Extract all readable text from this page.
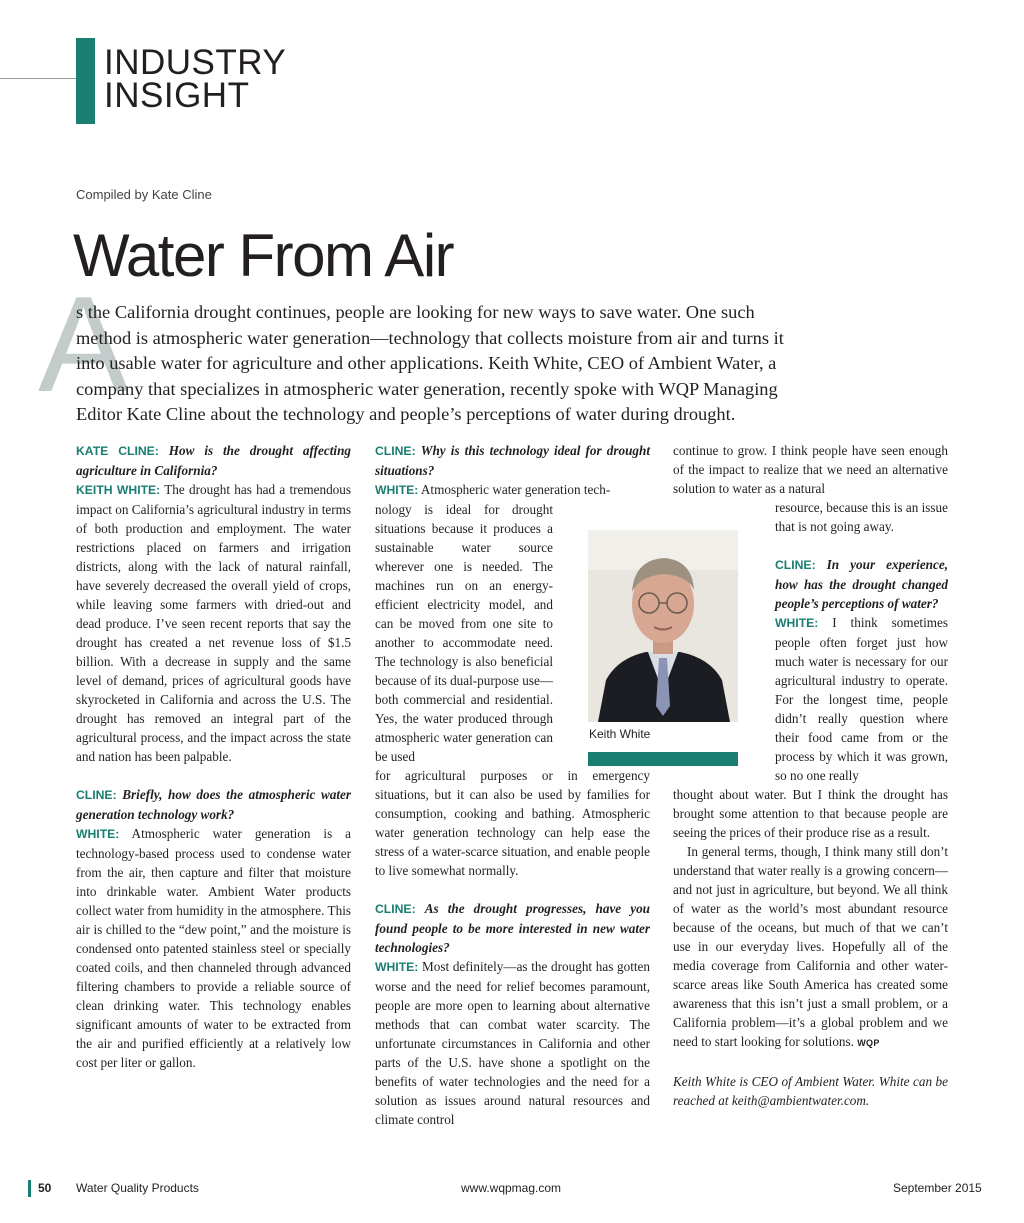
INDUSTRY
INSIGHT
Compiled by Kate Cline
Water From Air
A

s the California drought continues, people are looking for new ways to save water. One such method is atmospheric water generation—technology that collects moisture from air and turns it into usable water for agriculture and other applications. Keith White, CEO of Ambient Water, a company that specializes in atmospheric water generation, recently spoke with WQP Managing Editor Kate Cline about the technology and people’s perceptions of water during drought.

KATE CLINE: How is the drought affecting agriculture in California?

KEITH WHITE: The drought has had a tremendous impact on California’s agricultural industry in terms of both production and employment. The water restrictions placed on farmers and irrigation districts, along with the lack of natural rainfall, have severely decreased the overall yield of crops, while leaving some farmers with dried-out and dead produce. I’ve seen recent reports that say the drought has created a net revenue loss of $1.5 billion. With a decrease in supply and the same level of demand, prices of agricultural goods have skyrocketed in California and across the U.S. The drought has removed an integral part of the agricultural process, and the impact across the state and nation has been palpable.

CLINE: Briefly, how does the atmospheric water generation technology work?

WHITE: Atmospheric water generation is a technology-based process used to condense water from the air, then capture and filter that moisture into drinkable water. Ambient Water products collect water from humidity in the atmosphere. This air is chilled to the “dew point,” and the moisture is condensed onto patented stainless steel or specially coated coils, and then channeled through advanced filtering chambers to provide a reliable source of clean drinking water. This technology enables significant amounts of water to be extracted from the air and purified efficiently at a relatively low cost per liter or gallon.

CLINE: Why is this technology ideal for drought situations?

WHITE: Atmospheric water generation tech-

nology is ideal for drought situations because it produces a sustainable water source wherever one is needed. The machines run on an energy-efficient electricity model, and can be moved from one site to another to accommodate need. The technology is also beneficial because of its dual-purpose use—both commercial and residential. Yes, the water produced through atmospheric water generation can be used

for agricultural purposes or in emergency situations, but it can also be used by families for consumption, cooking and bathing. Atmospheric water generation technology can help ease the stress of a water-scarce situation, and enable people to live somewhat normally.

CLINE: As the drought progresses, have you found people to be more interested in new water technologies?

WHITE: Most definitely—as the drought has gotten worse and the need for relief becomes paramount, people are more open to learning about alternative methods that can combat water scarcity. The unfortunate circumstances in California and other parts of the U.S. have shone a spotlight on the benefits of water technologies and the need for a solution as issues around natural resources and climate control

Keith White

continue to grow. I think people have seen enough of the impact to realize that we need an alternative solution to water as a natural

resource, because this is an issue that is not going away.

CLINE: In your experience, how has the drought changed people’s perceptions of water?

WHITE: I think sometimes people often forget just how much water is necessary for our agricultural industry to operate. For the longest time, people didn’t really question where their food came from or the process by which it was grown, so no one really

thought about water. But I think the drought has brought some attention to that because people are seeing the prices of their produce rise as a result.

In general terms, though, I think many still don’t understand that water really is a growing concern—and not just in agriculture, but beyond. We all think of water as the world’s most abundant resource because of the oceans, but much of that we can’t use in our everyday lives. Hopefully all of the media coverage from California and other water-scarce areas like South America has created some awareness that this isn’t just a small problem, or a California problem—it’s a global problem and we need to start looking for solutions. WQP

Keith White is CEO of Ambient Water. White can be reached at keith@ambientwater.com.

50 Water Quality Products	www.wqpmag.com	September 2015
